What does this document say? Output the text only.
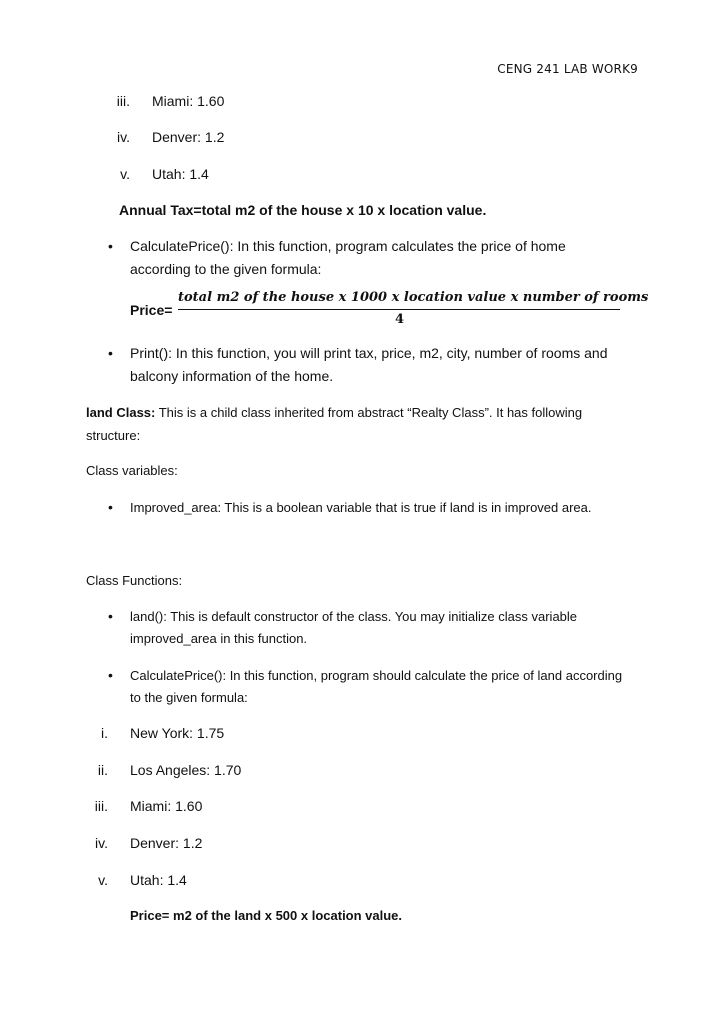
CENG 241 LAB WORK9
iii. Miami: 1.60
iv. Denver: 1.2
v. Utah: 1.4
Annual Tax=total m2 of the house x 10 x location value.
• CalculatePrice(): In this function, program calculates the price of home
according to the given formula:
Price=
total m2 of the house x 1000 x location value x number of rooms
4
• Print(): In this function, you will print tax, price, m2, city, number of rooms and
balcony information of the home.
land Class: This is a child class inherited from abstract “Realty Class”. It has following
structure:
Class variables:
• Improved_area: This is a boolean variable that is true if land is in improved area.
Class Functions:
• land(): This is default constructor of the class. You may initialize class variable
improved_area in this function.
• CalculatePrice(): In this function, program should calculate the price of land according
to the given formula:
i. New York: 1.75
ii. Los Angeles: 1.70
iii. Miami: 1.60
iv. Denver: 1.2
v. Utah: 1.4
Price= m2 of the land x 500 x location value.
